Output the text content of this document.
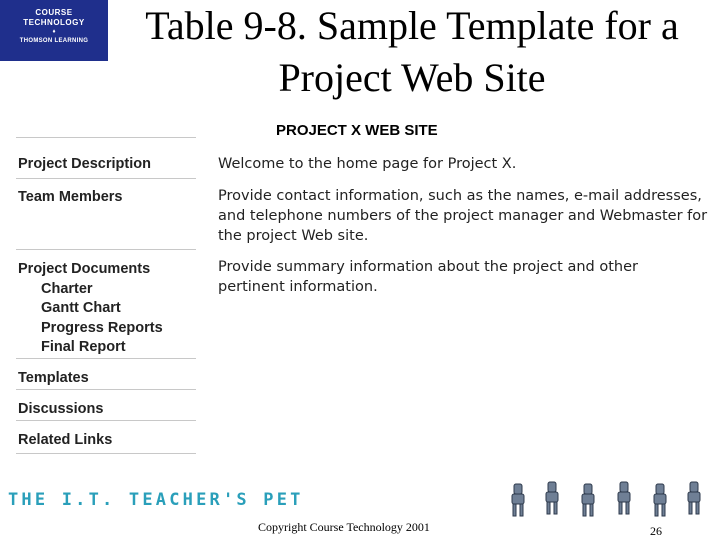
COURSE
TECHNOLOGY
♦
THOMSON LEARNING	Table 9-8. Sample Template for a
Project Web Site
PROJECT X WEB SITE
Project Description
Team Members
Project Documents
Charter
Gantt Chart
Progress Reports
Final Report
Templates
Discussions
Related Links
Welcome to the home page for Project X.
Provide contact information, such as the names, e-mail addresses,
and telephone numbers of the project manager and Webmaster for
the project Web site.
Provide summary information about the project and other
pertinent information.
THE I.T. TEACHER'S PET
Copyright Course Technology 2001	26
